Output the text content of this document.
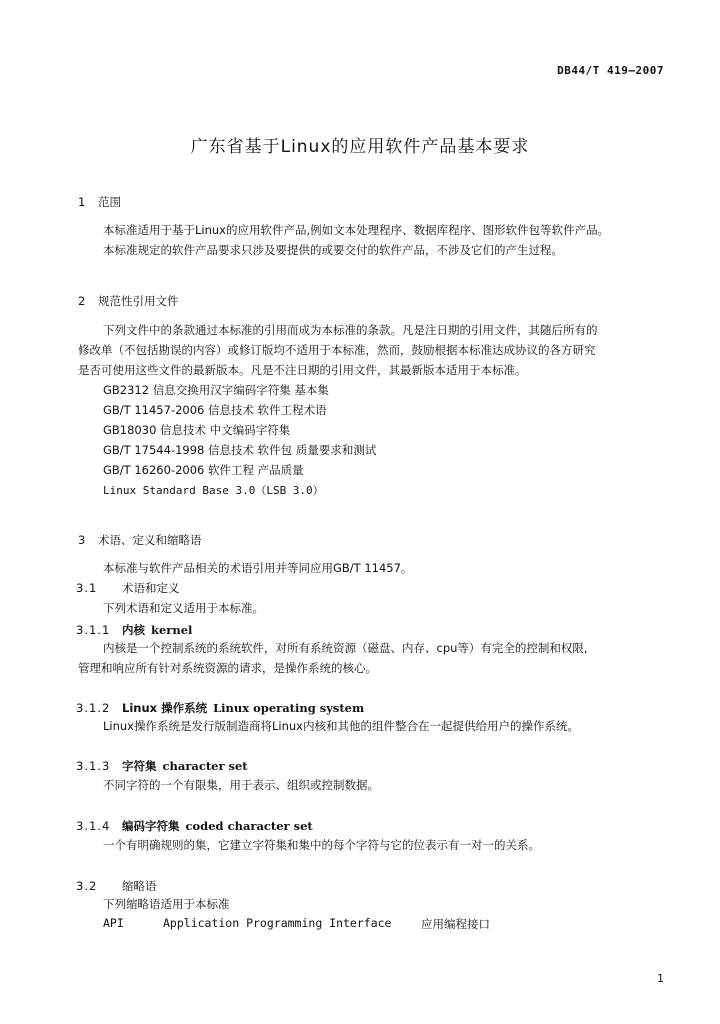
DB44/T 419—2007
广东省基于Linux的应用软件产品基本要求
1 范围
本标准适用于基于Linux的应用软件产品,例如文本处理程序、数据库程序、图形软件包等软件产品。
本标准规定的软件产品要求只涉及要提供的或要交付的软件产品，不涉及它们的产生过程。
2 规范性引用文件
下列文件中的条款通过本标准的引用而成为本标准的条款。凡是注日期的引用文件，其随后所有的
修改单（不包括勘误的内容）或修订版均不适用于本标准，然而，鼓励根据本标准达成协议的各方研究
是否可使用这些文件的最新版本。凡是不注日期的引用文件，其最新版本适用于本标准。
GB2312 信息交换用汉字编码字符集 基本集
GB/T 11457-2006 信息技术 软件工程术语
GB18030 信息技术 中文编码字符集
GB/T 17544-1998 信息技术 软件包 质量要求和测试
GB/T 16260-2006 软件工程 产品质量
Linux Standard Base 3.0（LSB 3.0）
3 术语、定义和缩略语
本标准与软件产品相关的术语引用并等同应用GB/T 11457。
3.1 术语和定义
下列术语和定义适用于本标准。
3.1.1 内核 kernel
内核是一个控制系统的系统软件，对所有系统资源（磁盘、内存、cpu等）有完全的控制和权限,
管理和响应所有针对系统资源的请求，是操作系统的核心。
3.1.2 Linux 操作系统 Linux operating system
Linux操作系统是发行版制造商将Linux内核和其他的组件整合在一起提供给用户的操作系统。
3.1.3 字符集 character set
不同字符的一个有限集，用于表示、组织或控制数据。
3.1.4 编码字符集 coded character set
一个有明确规则的集，它建立字符集和集中的每个字符与它的位表示有一对一的关系。
3.2 缩略语
下列缩略语适用于本标准
API	Application Programming Interface	应用编程接口
1
